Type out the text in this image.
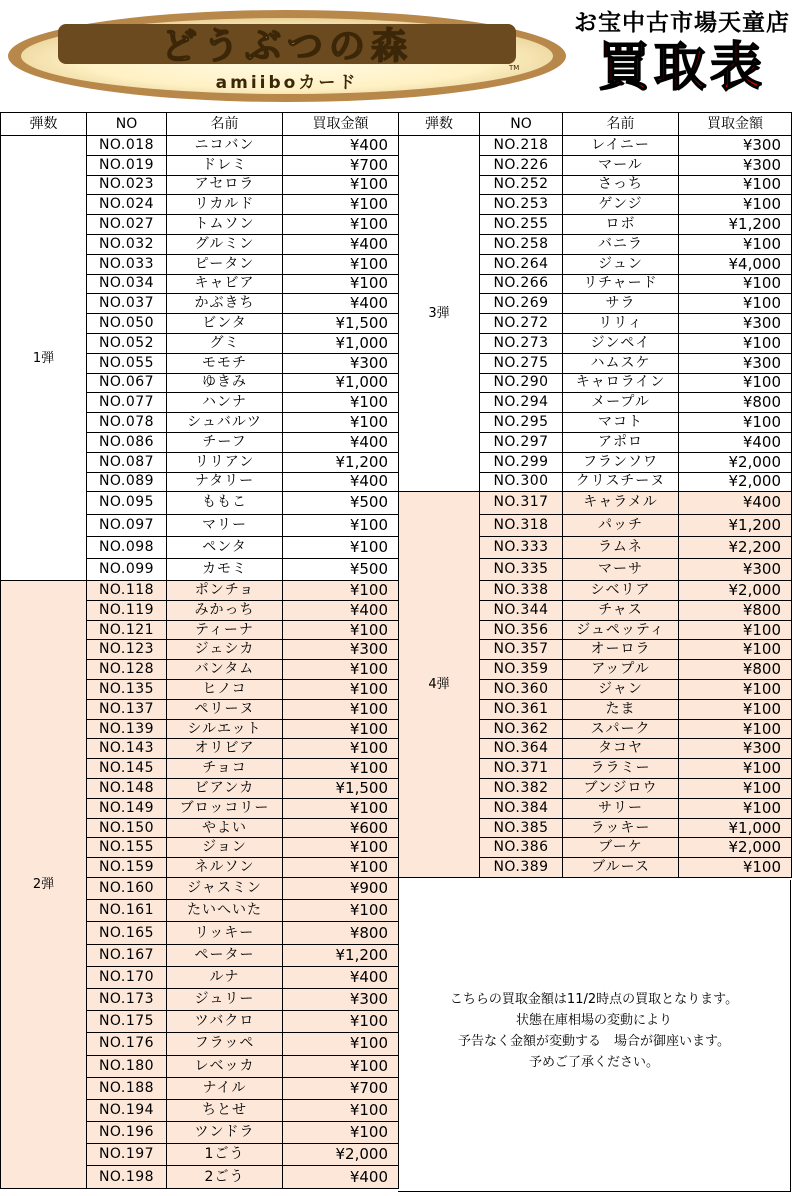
どうぶつの森
amiiboカード
TM
お宝中古市場天童店
買取表
弾数	NO	名前	買取金額
1弾	NO.018	ニコバン	¥400
	NO.019	ドレミ	¥700
	NO.023	アセロラ	¥100
	NO.024	リカルド	¥100
	NO.027	トムソン	¥100
	NO.032	グルミン	¥400
	NO.033	ピータン	¥100
	NO.034	キャビア	¥100
	NO.037	かぶきち	¥400
	NO.050	ビンタ	¥1,500
	NO.052	グミ	¥1,000
	NO.055	モモチ	¥300
	NO.067	ゆきみ	¥1,000
	NO.077	ハンナ	¥100
	NO.078	シュバルツ	¥100
	NO.086	チーフ	¥400
	NO.087	リリアン	¥1,200
	NO.089	ナタリー	¥400
	NO.095	ももこ	¥500
	NO.097	マリー	¥100
	NO.098	ペンタ	¥100
	NO.099	カモミ	¥500
2弾	NO.118	ポンチョ	¥100
	NO.119	みかっち	¥400
	NO.121	ティーナ	¥100
	NO.123	ジェシカ	¥300
	NO.128	バンタム	¥100
	NO.135	ヒノコ	¥100
	NO.137	ペリーヌ	¥100
	NO.139	シルエット	¥100
	NO.143	オリビア	¥100
	NO.145	チョコ	¥100
	NO.148	ビアンカ	¥1,500
	NO.149	ブロッコリー	¥100
	NO.150	やよい	¥600
	NO.155	ジョン	¥100
	NO.159	ネルソン	¥100
	NO.160	ジャスミン	¥900
	NO.161	たいへいた	¥100
	NO.165	リッキー	¥800
	NO.167	ペーター	¥1,200
	NO.170	ルナ	¥400
	NO.173	ジュリー	¥300
	NO.175	ツバクロ	¥100
	NO.176	フラッペ	¥100
	NO.180	レベッカ	¥100
	NO.188	ナイル	¥700
	NO.194	ちとせ	¥100
	NO.196	ツンドラ	¥100
	NO.197	1ごう	¥2,000
	NO.198	2ごう	¥400
弾数	NO	名前	買取金額
3弾	NO.218	レイニー	¥300
	NO.226	マール	¥300
	NO.252	さっち	¥100
	NO.253	ゲンジ	¥100
	NO.255	ロボ	¥1,200
	NO.258	バニラ	¥100
	NO.264	ジュン	¥4,000
	NO.266	リチャード	¥100
	NO.269	サラ	¥100
	NO.272	リリィ	¥300
	NO.273	ジンペイ	¥100
	NO.275	ハムスケ	¥300
	NO.290	キャロライン	¥100
	NO.294	メープル	¥800
	NO.295	マコト	¥100
	NO.297	アポロ	¥400
	NO.299	フランソワ	¥2,000
	NO.300	クリスチーヌ	¥2,000
4弾	NO.317	キャラメル	¥400
	NO.318	パッチ	¥1,200
	NO.333	ラムネ	¥2,200
	NO.335	マーサ	¥300
	NO.338	シベリア	¥2,000
	NO.344	チャス	¥800
	NO.356	ジュペッティ	¥100
	NO.357	オーロラ	¥100
	NO.359	アップル	¥800
	NO.360	ジャン	¥100
	NO.361	たま	¥100
	NO.362	スパーク	¥100
	NO.364	タコヤ	¥300
	NO.371	ララミー	¥100
	NO.382	ブンジロウ	¥100
	NO.384	サリー	¥100
	NO.385	ラッキー	¥1,000
	NO.386	ブーケ	¥2,000
	NO.389	ブルース	¥100
こちらの買取金額は11/2時点の買取となります。
状態在庫相場の変動により
予告なく金額が変動する　場合が御座います。
予めご了承ください。
